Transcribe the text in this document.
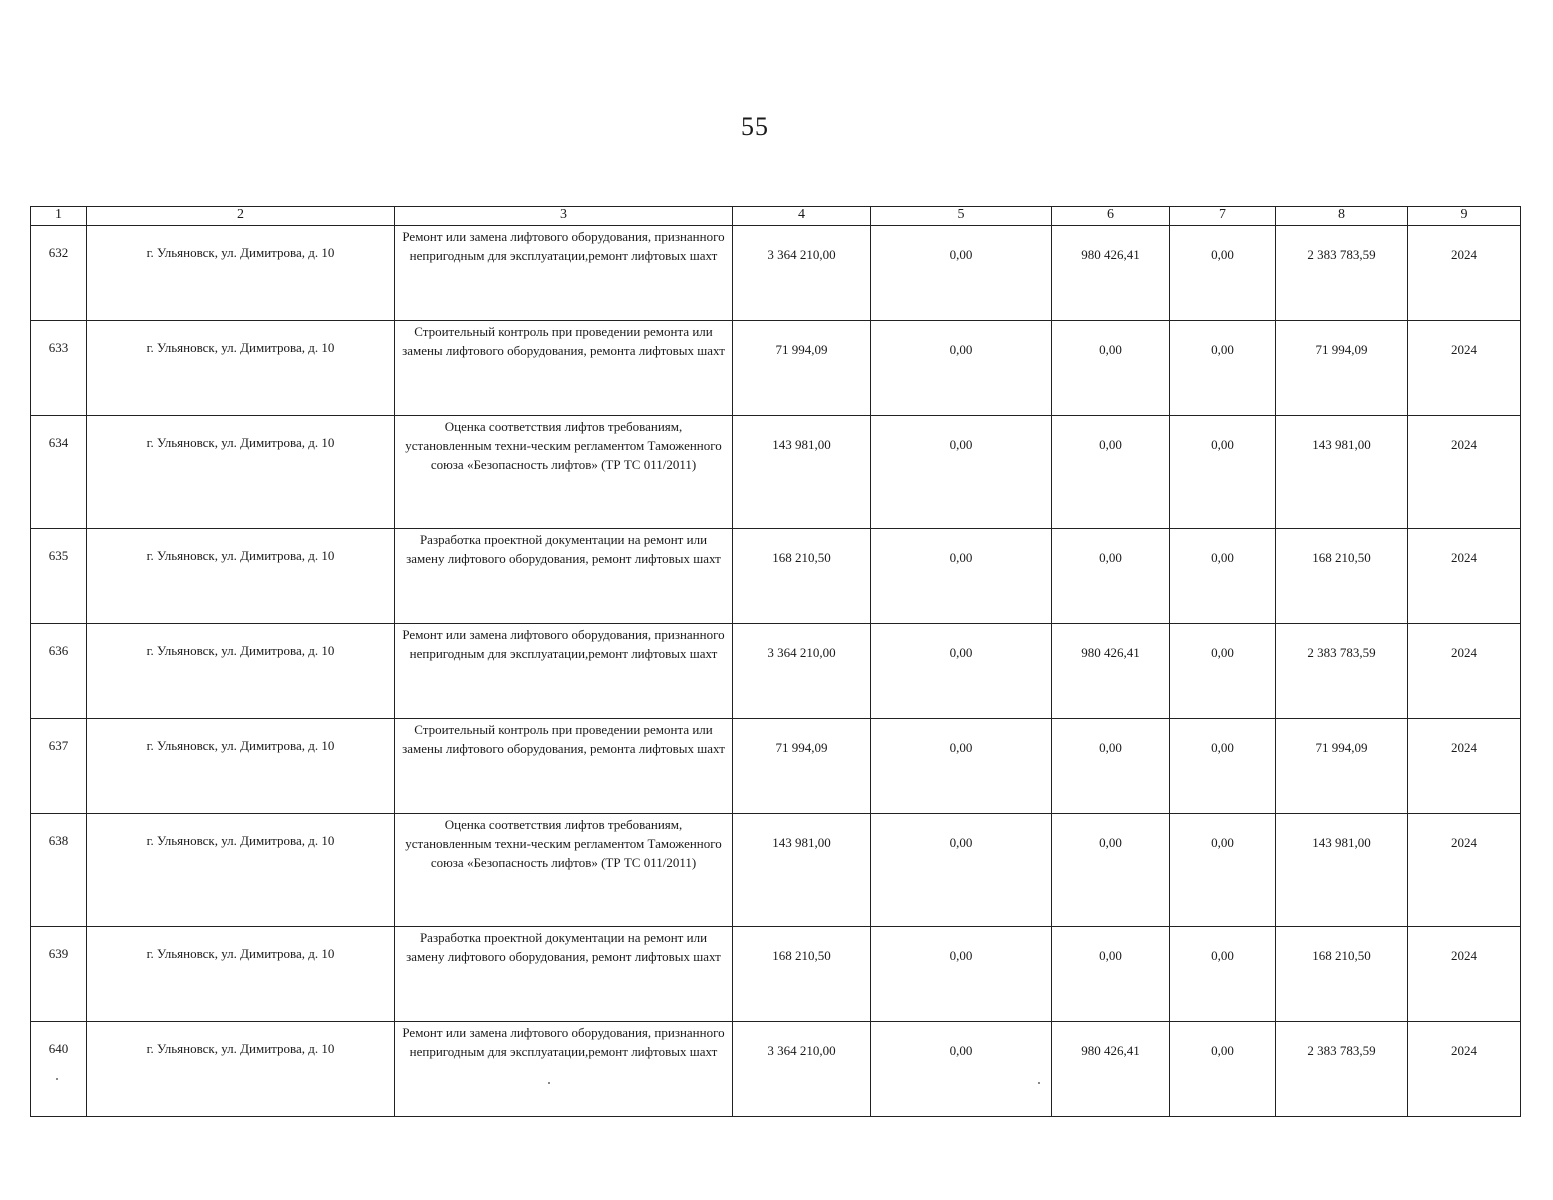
55
1	2	3	4	5	6	7	8	9
632	г. Ульяновск, ул. Димитрова, д. 10	Ремонт или замена лифтового оборудования, признанного непригодным для эксплуатации,ремонт лифтовых шахт	3 364 210,00	0,00	980 426,41	0,00	2 383 783,59	2024
633	г. Ульяновск, ул. Димитрова, д. 10	Строительный контроль при проведении ремонта или замены лифтового оборудования, ремонта лифтовых шахт	71 994,09	0,00	0,00	0,00	71 994,09	2024
634	г. Ульяновск, ул. Димитрова, д. 10	Оценка соответствия лифтов требованиям, установленным техни-ческим регламентом Таможенного союза «Безопасность лифтов» (ТР ТС 011/2011)	143 981,00	0,00	0,00	0,00	143 981,00	2024
635	г. Ульяновск, ул. Димитрова, д. 10	Разработка проектной документации на ремонт или замену лифтового оборудования, ремонт лифтовых шахт	168 210,50	0,00	0,00	0,00	168 210,50	2024
636	г. Ульяновск, ул. Димитрова, д. 10	Ремонт или замена лифтового оборудования, признанного непригодным для эксплуатации,ремонт лифтовых шахт	3 364 210,00	0,00	980 426,41	0,00	2 383 783,59	2024
637	г. Ульяновск, ул. Димитрова, д. 10	Строительный контроль при проведении ремонта или замены лифтового оборудования, ремонта лифтовых шахт	71 994,09	0,00	0,00	0,00	71 994,09	2024
638	г. Ульяновск, ул. Димитрова, д. 10	Оценка соответствия лифтов требованиям, установленным техни-ческим регламентом Таможенного союза «Безопасность лифтов» (ТР ТС 011/2011)	143 981,00	0,00	0,00	0,00	143 981,00	2024
639	г. Ульяновск, ул. Димитрова, д. 10	Разработка проектной документации на ремонт или замену лифтового оборудования, ремонт лифтовых шахт	168 210,50	0,00	0,00	0,00	168 210,50	2024
640	г. Ульяновск, ул. Димитрова, д. 10	Ремонт или замена лифтового оборудования, признанного непригодным для эксплуатации,ремонт лифтовых шахт	3 364 210,00	0,00	980 426,41	0,00	2 383 783,59	2024
